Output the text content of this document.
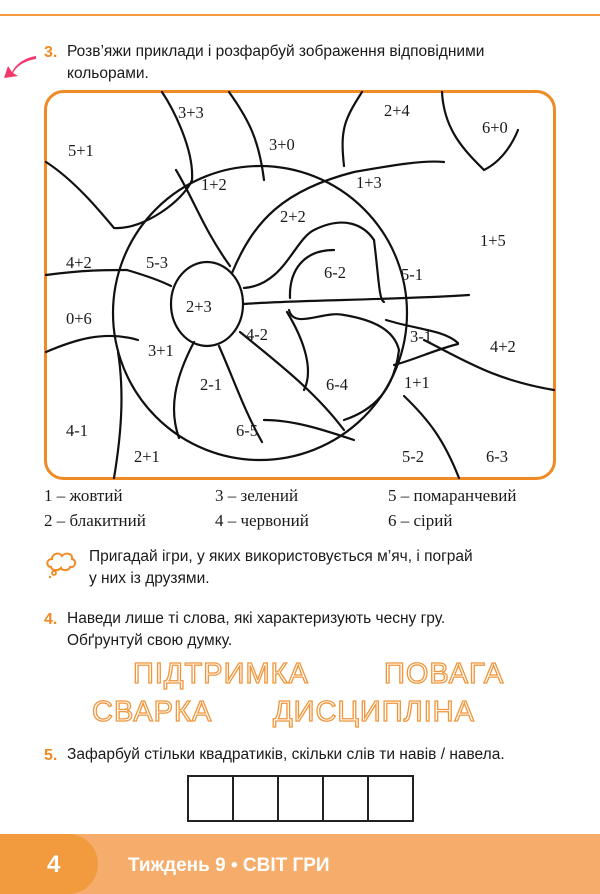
3. Розв’яжи приклади і розфарбуй зображення відповідними
кольорами.
5+1
3+3	2+4
6+0
3+0
1+2	1+3
2+2
1+5
4+2	5-3
6-2	5-1
2+3
0+6
4-2	3-1
4+2
3+1
2-1	6-4	1+1
4-1	6-5
2+1	5-2	6-3
1 – жовтий	3 – зелений	5 – помаранчевий
2 – блакитний	4 – червоний	6 – сірий
Пригадай ігри, у яких використовується м’яч, і пограй
у них із друзями.
4. Наведи лише ті слова, які характеризують чесну гру.
Обґрунтуй свою думку.
ПІДТРИМКА	ПОВАГА
СВАРКА ДИСЦИПЛІНА
5. Зафарбуй стільки квадратиків, скільки слів ти навів / навела.
4	Тиждень 9 • СВІТ ГРИ
